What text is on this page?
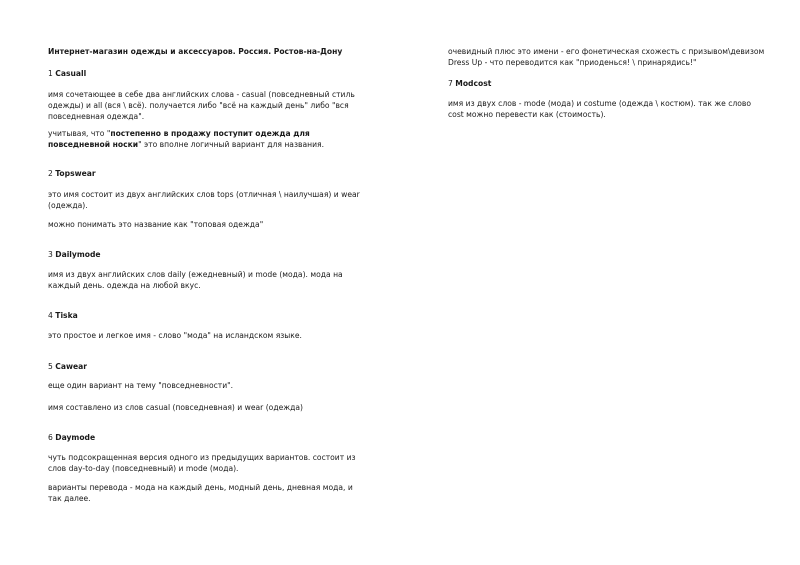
Интернет-магазин одежды и аксессуаров. Россия. Ростов-на-Дону

1 Casuall

имя сочетающее в себе два английских слова - casual (повседневный стиль

одежды) и all (вся \ всё). получается либо "всё на каждый день" либо "вся

повседневная одежда".

учитывая, что "постепенно в продажу поступит одежда для

повседневной носки" это вполне логичный вариант для названия.

2 Topswear

это имя состоит из двух английских слов tops (отличная \ наилучшая) и wear

(одежда).

можно понимать это название как "топовая одежда"

3 Dailymode

имя из двух английских слов daily (ежедневный) и mode (мода). мода на

каждый день. одежда на любой вкус.

4 Tiska

это простое и легкое имя - слово "мода" на исландском языке.

5 Cawear

еще один вариант на тему "повседневности".

имя составлено из слов casual (повседневная) и wear (одежда)

6 Daymode

чуть подсокращенная версия одного из предыдущих вариантов. состоит из

слов day-to-day (повседневный) и mode (мода).

варианты перевода - мода на каждый день, модный день, дневная мода, и

так далее.

очевидный плюс это имени - его фонетическая схожесть с призывом\девизом

Dress Up - что переводится как "приоденься! \ принарядись!"

7 Modcost

имя из двух слов - mode (мода) и costume (одежда \ костюм). так же слово

cost можно перевести как (стоимость).
